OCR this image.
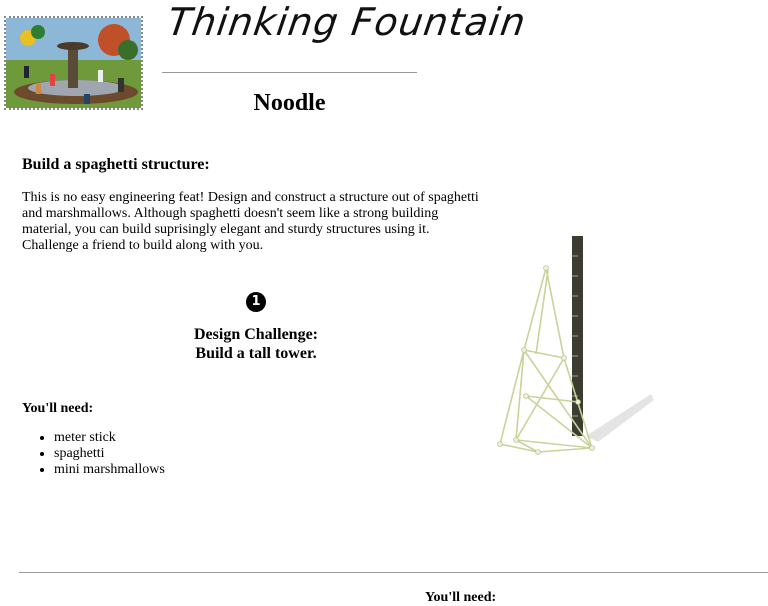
Thinking Fountain
Noodle
Build a spaghetti structure:

This is no easy engineering feat! Design and construct a structure out of spaghetti and marshmallows. Although spaghetti doesn't seem like a strong building material, you can build suprisingly elegant and sturdy structures using it. Challenge a friend to build along with you.

1
Design Challenge:
Build a tall tower.
You'll need:
• meter stick
• spaghetti
• mini marshmallows
You'll need:
